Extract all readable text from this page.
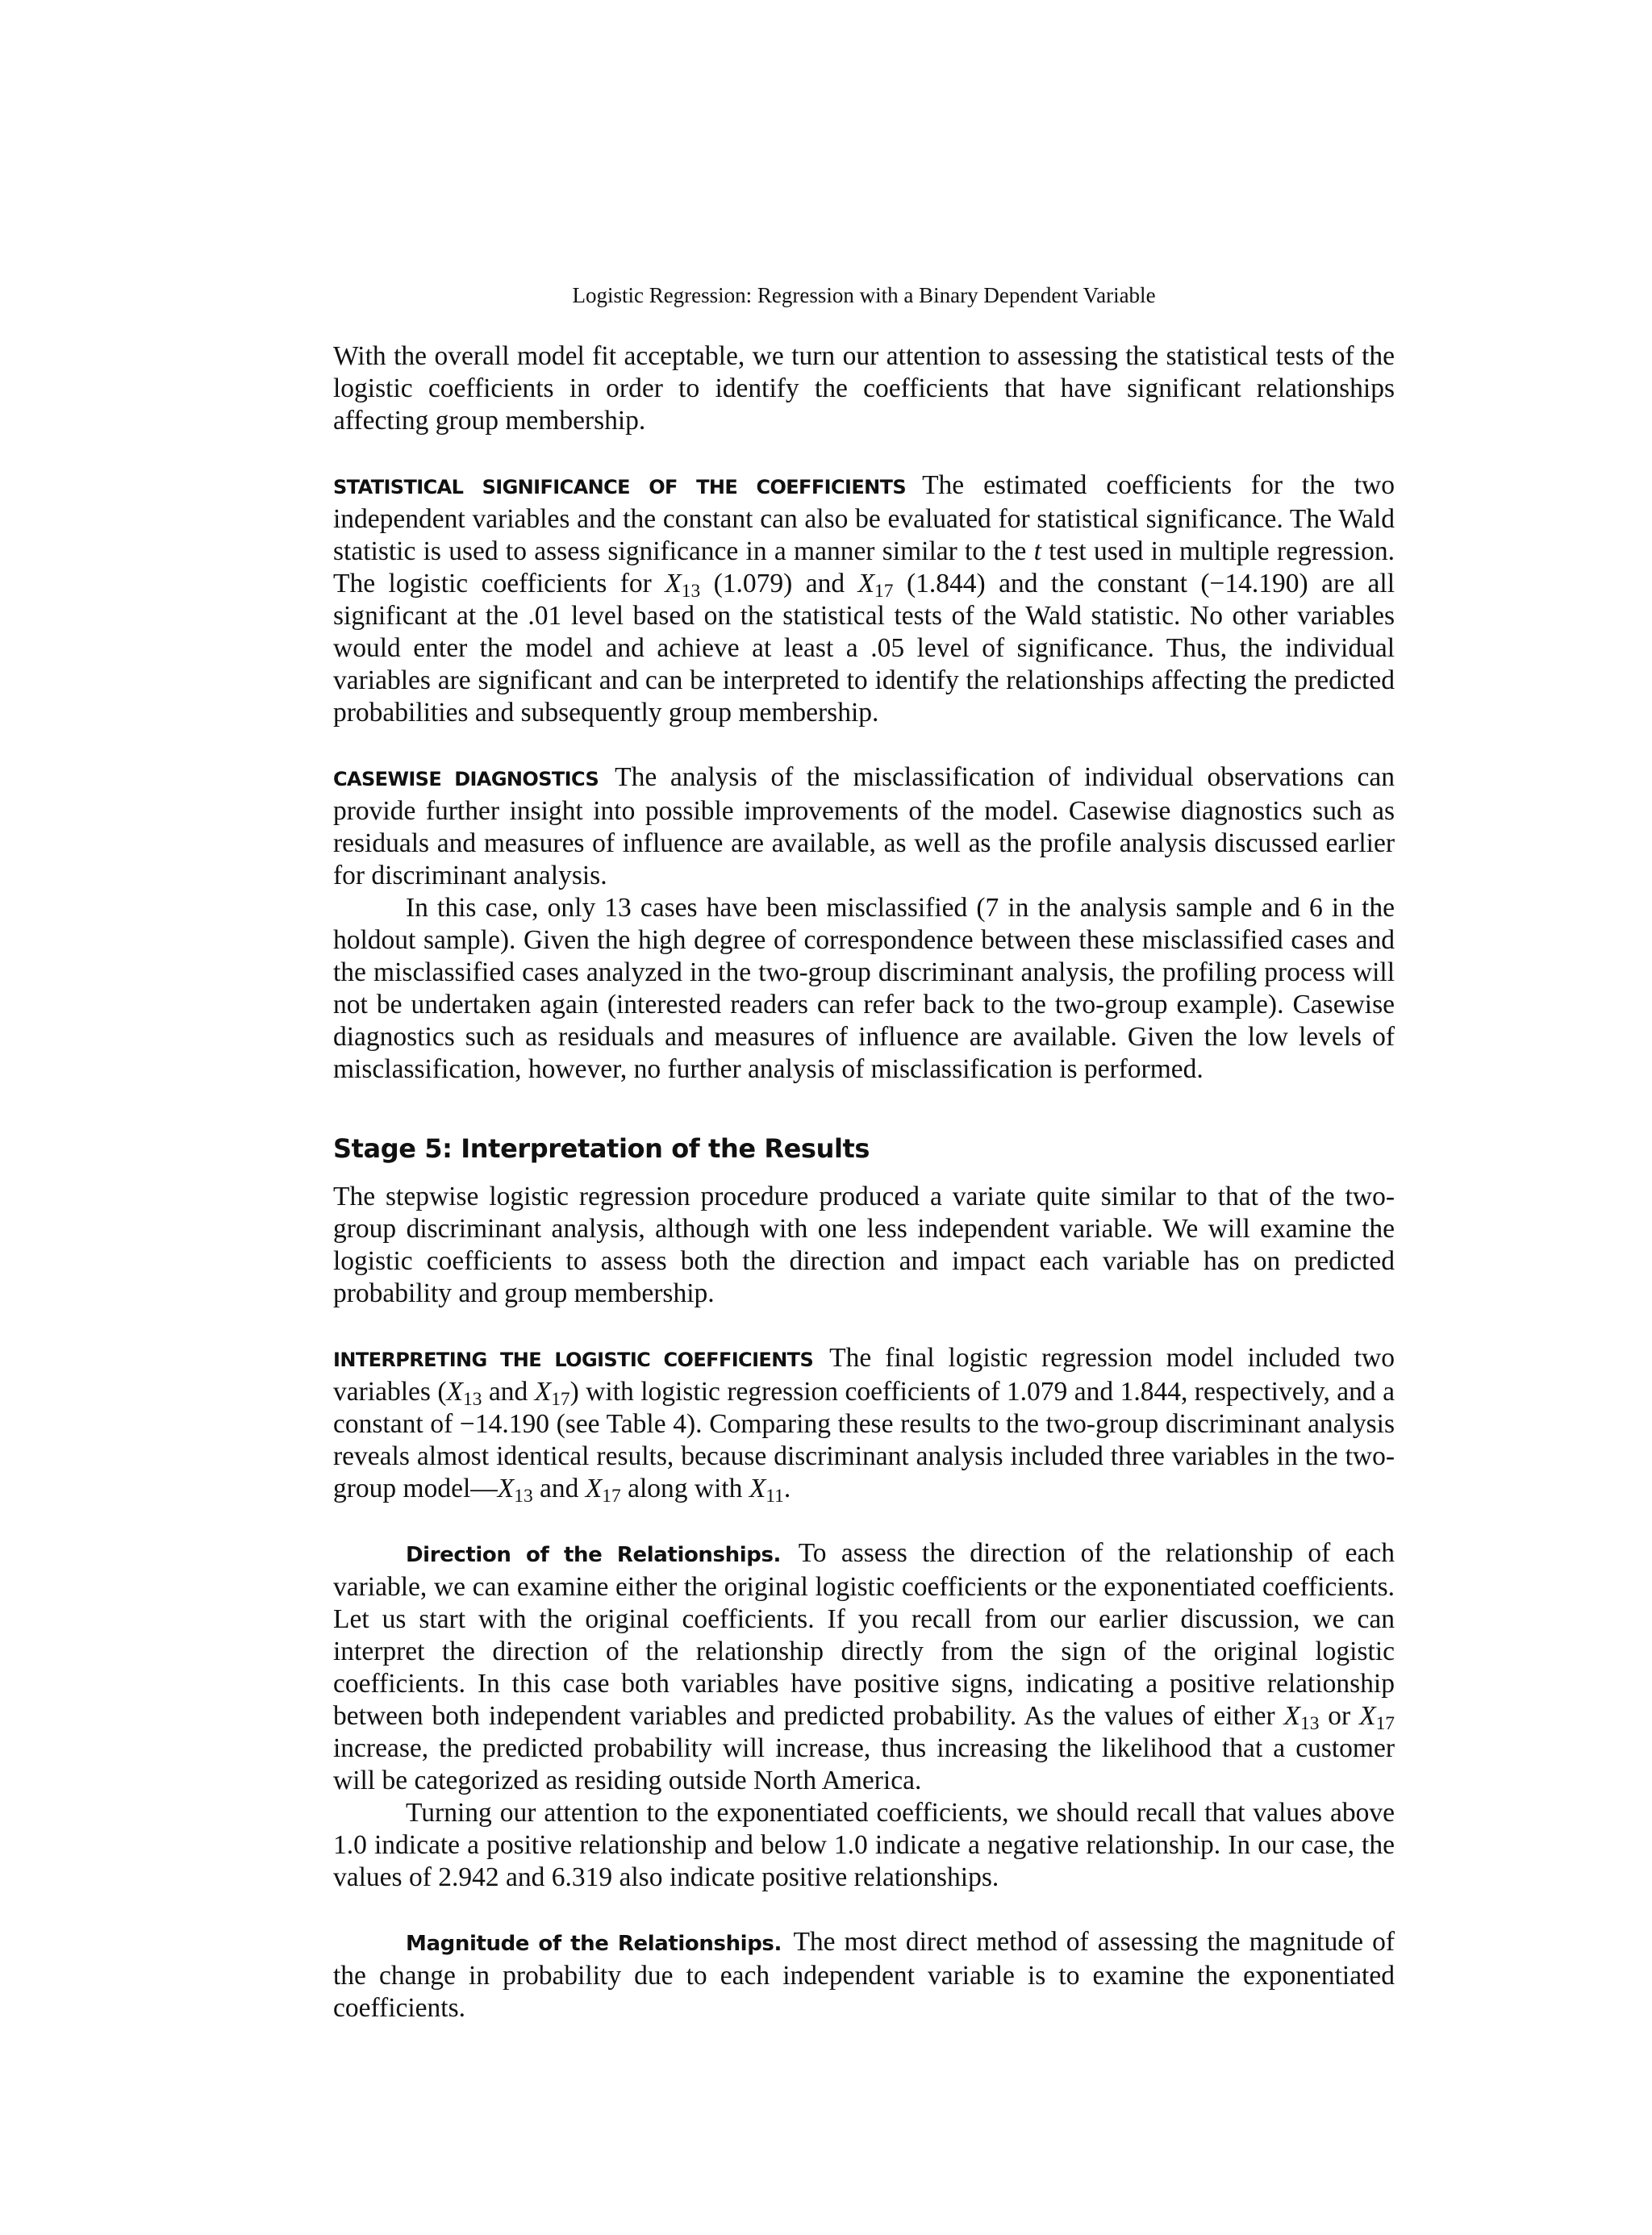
Logistic Regression: Regression with a Binary Dependent Variable

With the overall model fit acceptable, we turn our attention to assessing the statistical tests of the logistic coefficients in order to identify the coefficients that have significant relationships affecting group membership.

STATISTICAL SIGNIFICANCE OF THE COEFFICIENTS The estimated coefficients for the two independent variables and the constant can also be evaluated for statistical significance. The Wald statistic is used to assess significance in a manner similar to the t test used in multiple regression. The logistic coefficients for $X_{13}$ (1.079) and $X_{17}$ (1.844) and the constant (−14.190) are all significant at the .01 level based on the statistical tests of the Wald statistic. No other variables would enter the model and achieve at least a .05 level of significance. Thus, the individual variables are significant and can be interpreted to identify the relationships affecting the predicted probabilities and subsequently group membership.

CASEWISE DIAGNOSTICS The analysis of the misclassification of individual observations can provide further insight into possible improvements of the model. Casewise diagnostics such as residuals and measures of influence are available, as well as the profile analysis discussed earlier for discriminant analysis.

In this case, only 13 cases have been misclassified (7 in the analysis sample and 6 in the holdout sample). Given the high degree of correspondence between these misclassified cases and the misclassified cases analyzed in the two-group discriminant analysis, the profiling process will not be undertaken again (interested readers can refer back to the two-group example). Casewise diagnostics such as residuals and measures of influence are available. Given the low levels of misclassification, however, no further analysis of misclassification is performed.

Stage 5: Interpretation of the Results

The stepwise logistic regression procedure produced a variate quite similar to that of the two-group discriminant analysis, although with one less independent variable. We will examine the logistic coefficients to assess both the direction and impact each variable has on predicted probability and group membership.

INTERPRETING THE LOGISTIC COEFFICIENTS The final logistic regression model included two variables ($X_{13}$ and $X_{17}$) with logistic regression coefficients of 1.079 and 1.844, respectively, and a constant of −14.190 (see Table 4). Comparing these results to the two-group discriminant analysis reveals almost identical results, because discriminant analysis included three variables in the two-group $model—X_{13}$ and $X_{17}$ along with $X_{11}$.

Direction of the Relationships. To assess the direction of the relationship of each variable, we can examine either the original logistic coefficients or the exponentiated coefficients. Let us start with the original coefficients. If you recall from our earlier discussion, we can interpret the direction of the relationship directly from the sign of the original logistic coefficients. In this case both variables have positive signs, indicating a positive relationship between both independent variables and predicted probability. As the values of either $X_{13}$ or $X_{17}$ increase, the predicted probability will increase, thus increasing the likelihood that a customer will be categorized as residing outside North America.

Turning our attention to the exponentiated coefficients, we should recall that values above 1.0 indicate a positive relationship and below 1.0 indicate a negative relationship. In our case, the values of 2.942 and 6.319 also indicate positive relationships.

Magnitude of the Relationships. The most direct method of assessing the magnitude of the change in probability due to each independent variable is to examine the exponentiated coefficients.
